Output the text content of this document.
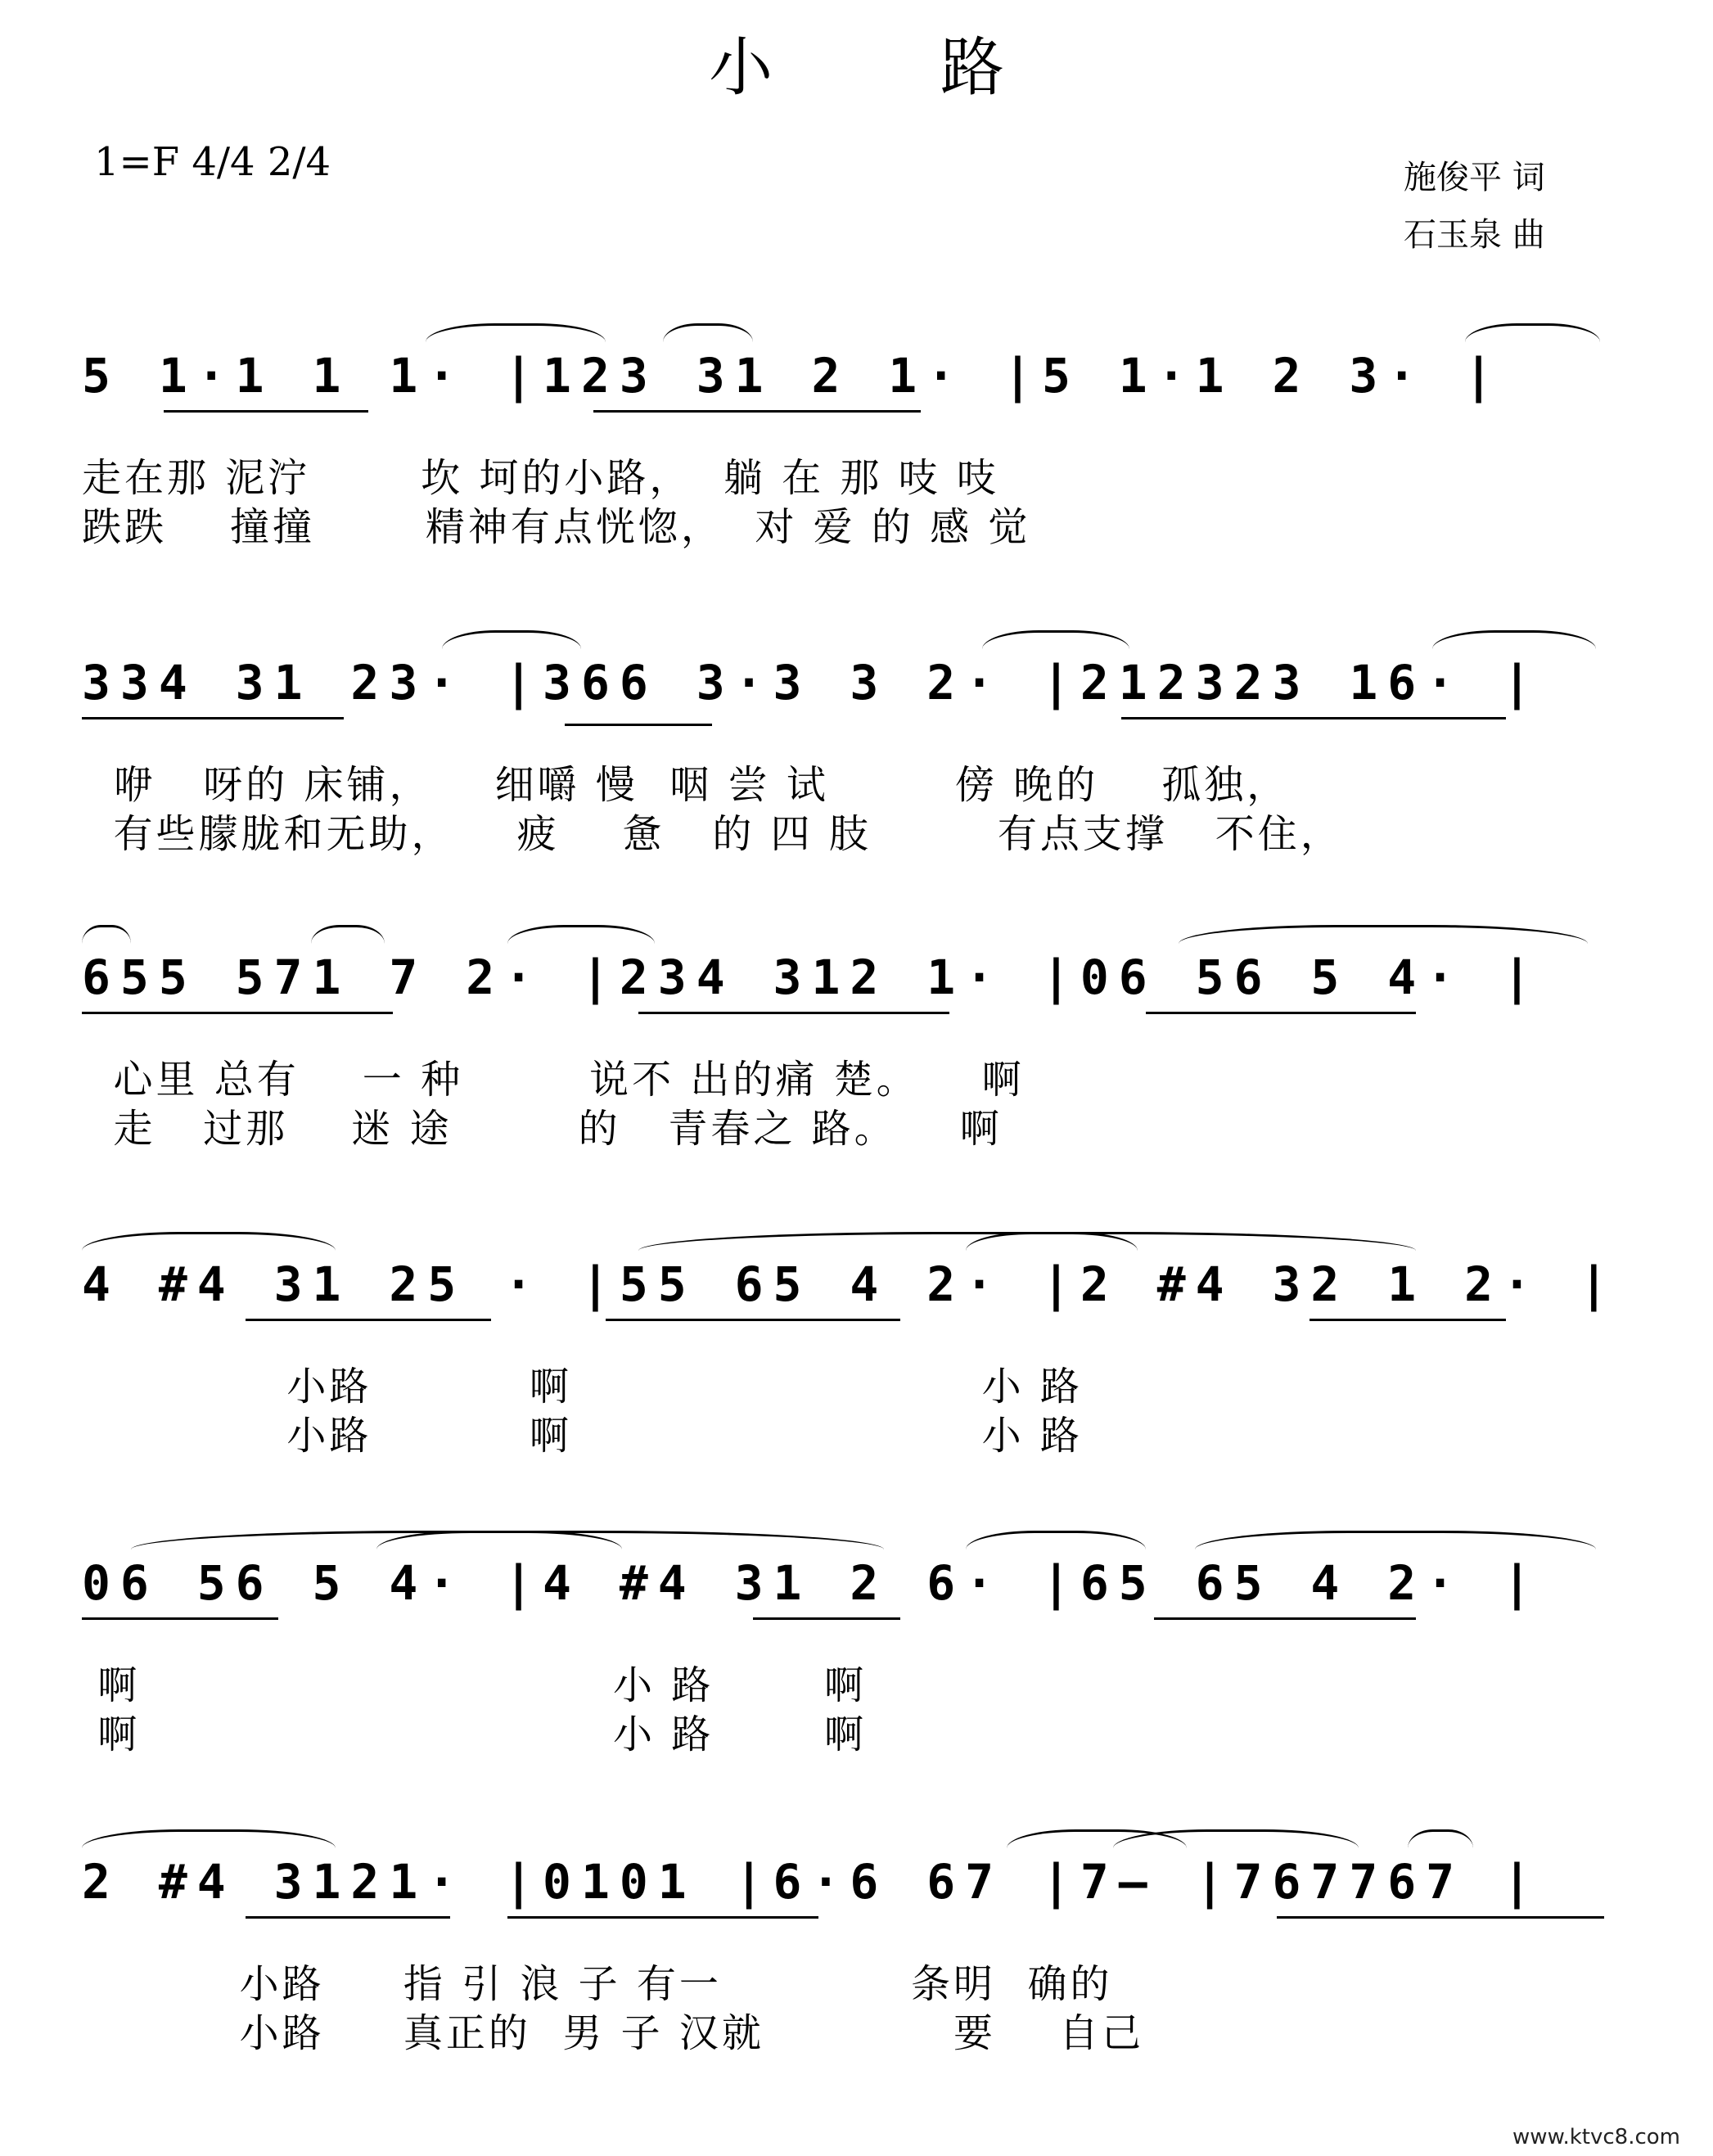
小 路
1=F 4/4 2/4	施俊平 词
石玉泉 曲
5 1·1 1 1· |123 31 2 1· |5 1·1 2 3· |
走在那 泥泞       坎 坷的小路，  躺 在 那 吱 吱
跌跌    撞撞       精神有点恍惚，  对 爱 的 感 觉
334 31 23· |366 3·3 3 2· |212323 16· |
咿   呀的 床铺，    细嚼 慢  咽 尝 试        傍 晚的    孤独，
有些朦胧和无助，    疲    惫   的 四 肢        有点支撑   不住，
655 571 7 2· |234 312 1· |06 56 5 4· |
心里 总有    一 种        说不 出的痛 楚。    啊
走   过那    迷 途        的   青春之 路。    啊
4 #4 31 25 · |55 65 4 2· |2 #4 32 1 2· |
小路          啊                          小 路
小路          啊                          小 路
06 56 5 4· |4 #4 31 2 6· |65 65 4 2· |
啊                              小 路       啊
啊                              小 路       啊
2 #4 3121· |0101 |6·6 67 |7— |767767 |
小路     指 引 浪 子 有一            条明  确的
小路     真正的  男 子 汉就            要    自己
www.ktvc8.com
